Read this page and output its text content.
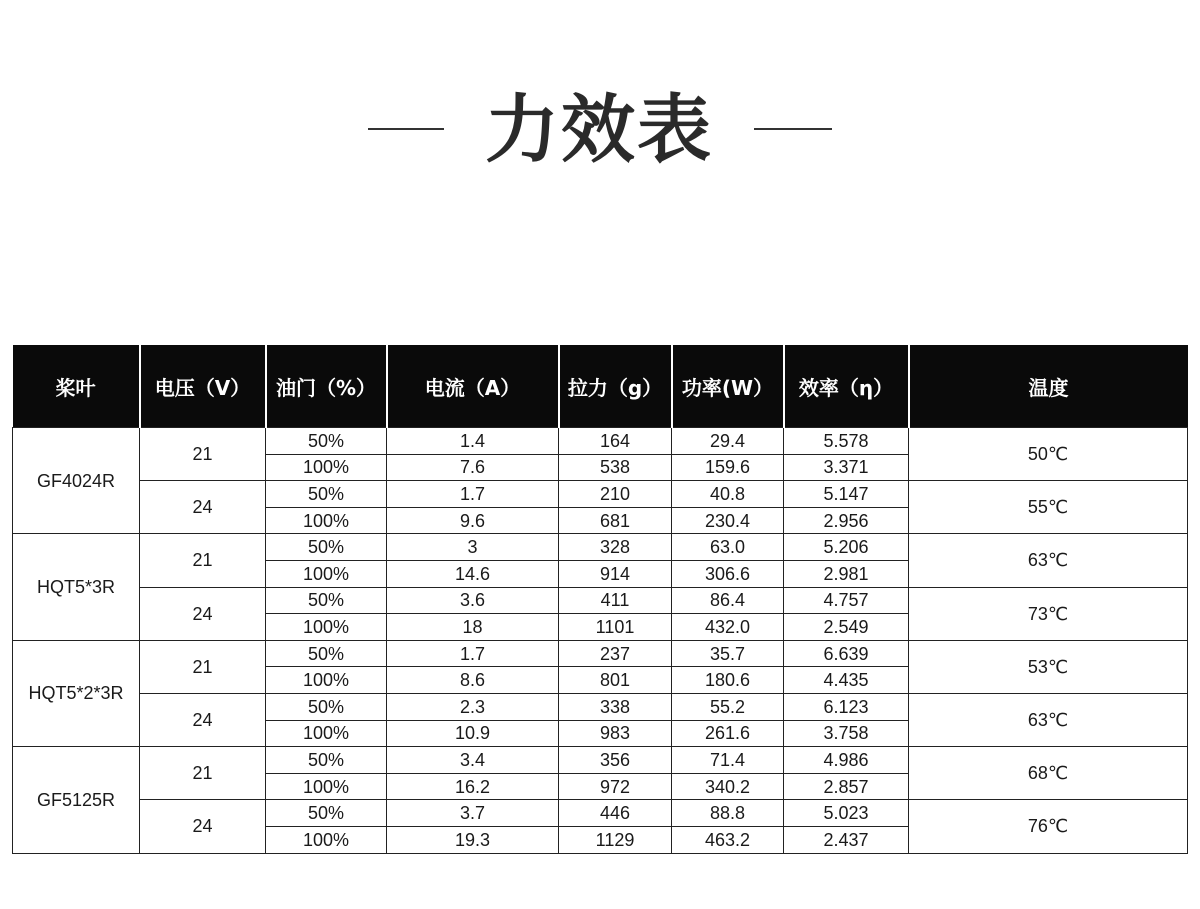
力效表
桨叶	电压（V）	油门（%）	电流（A）	拉力（g）	功率(W）	效率（η）	温度
GF4024R	21	50%	1.4	164	29.4	5.578	50℃
		100%	7.6	538	159.6	3.371	
	24	50%	1.7	210	40.8	5.147	55℃
		100%	9.6	681	230.4	2.956	
HQT5*3R	21	50%	3	328	63.0	5.206	63℃
		100%	14.6	914	306.6	2.981	
	24	50%	3.6	411	86.4	4.757	73℃
		100%	18	1101	432.0	2.549	
HQT5*2*3R	21	50%	1.7	237	35.7	6.639	53℃
		100%	8.6	801	180.6	4.435	
	24	50%	2.3	338	55.2	6.123	63℃
		100%	10.9	983	261.6	3.758	
GF5125R	21	50%	3.4	356	71.4	4.986	68℃
		100%	16.2	972	340.2	2.857	
	24	50%	3.7	446	88.8	5.023	76℃
		100%	19.3	1129	463.2	2.437	
